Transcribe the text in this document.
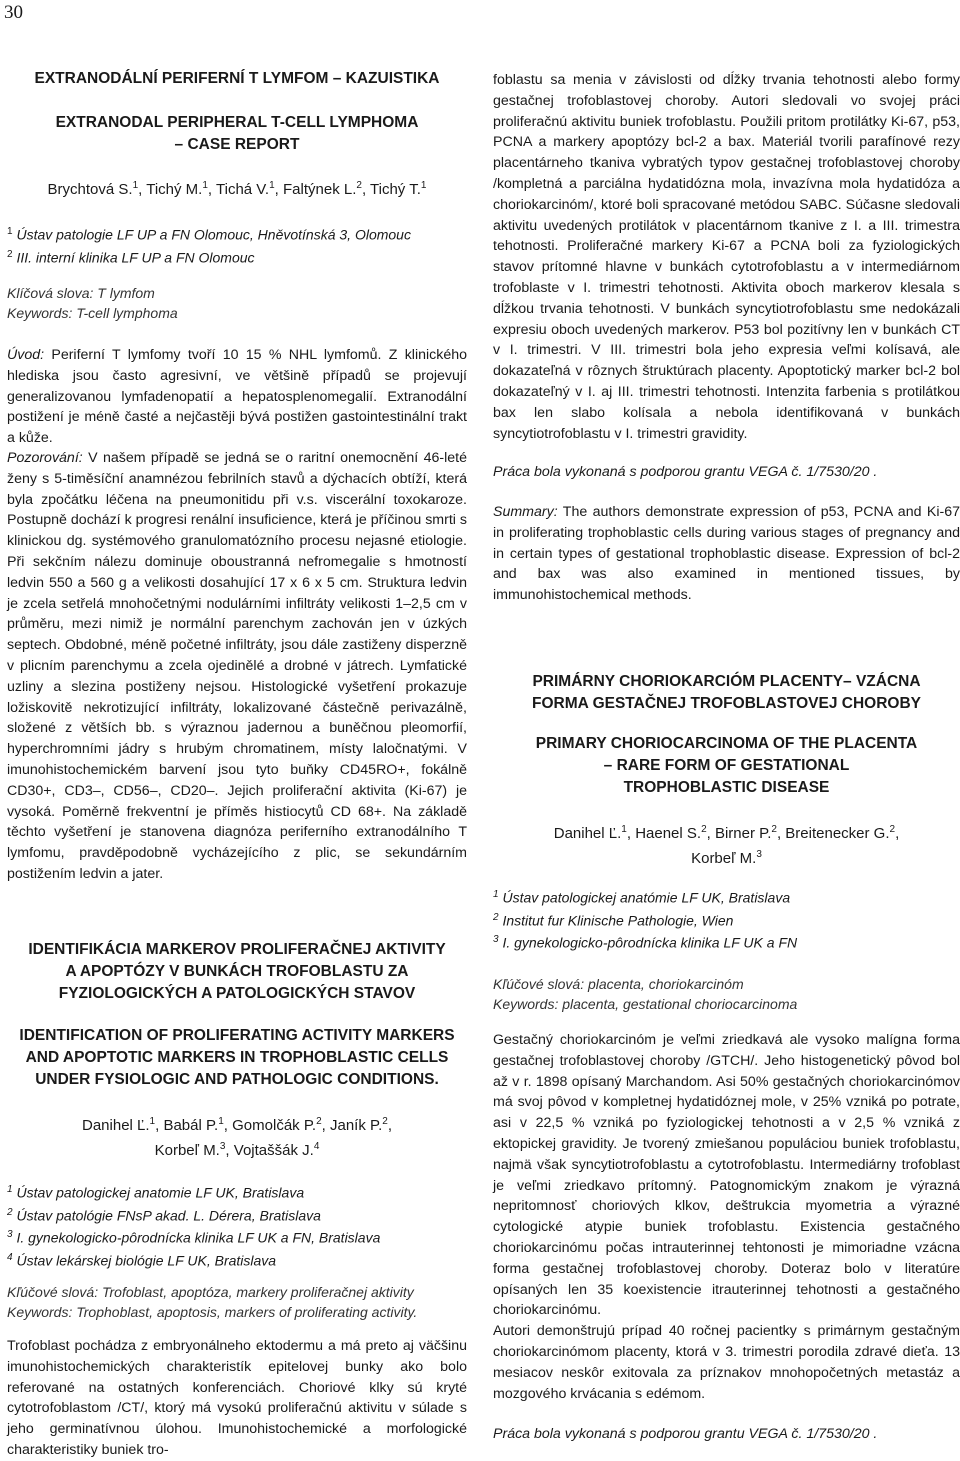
30

EXTRANODÁLNÍ PERIFERNÍ T LYMFOM – KAZUISTIKA

EXTRANODAL PERIPHERAL T-CELL LYMPHOMA

– CASE REPORT

Brychtová S.$^1$, Tichý M.$^1$, Tichá V.$^1$, Faltýnek L.$^2$, Tichý T.$^1$

$^1$ Ústav patologie LF UP a FN Olomouc, Hněvotínská 3, Olomouc

$^2$ III. interní klinika LF UP a FN Olomouc

Klíčová slova: T lymfom

Keywords: T-cell lymphoma

Úvod: Periferní T lymfomy tvoří 10 15 % NHL lymfomů. Z klinického hlediska jsou často agresivní, ve většině případů se projevují generalizovanou lymfadenopatií a hepatosplenomegalií. Extranodální postižení je méně časté a nejčastěji bývá postižen gastointestinální trakt a kůže.

Pozorování: V našem případě se jedná se o raritní onemocnění 46-leté ženy s 5-timěsíční anamnézou febrilních stavů a dýchacích obtíží, která byla zpočátku léčena na pneumonitidu při v.s. viscerální toxokaroze. Postupně dochází k progresi renální insuficience, která je příčinou smrti s klinickou dg. systémového granulomatózního procesu nejasné etiologie. Při sekčním nálezu dominuje oboustranná nefromegalie s hmotností ledvin 550 a 560 g a velikosti dosahující 17 x 6 x 5 cm. Struktura ledvin je zcela setřelá mnohočetnými nodulárními infiltráty velikosti 1–2,5 cm v průměru, mezi nimiž je normální parenchym zachován jen v úzkých septech. Obdobné, méně početné infiltráty, jsou dále zastiženy disperzně v plicním parenchymu a zcela ojedinělé a drobné v játrech. Lymfatické uzliny a slezina postiženy nejsou. Histologické vyšetření prokazuje ložiskovitě nekrotizující infiltráty, lokalizované částečně perivazálně, složené z větších bb. s výraznou jadernou a buněčnou pleomorfií, hyperchromními jádry s hrubým chromatinem, místy laločnatými. V imunohistochemickém barvení jsou tyto buňky CD45RO+, fokálně CD30+, CD3–, CD56–, CD20–. Jejich proliferační aktivita (Ki-67) je vysoká. Poměrně frekventní je příměs histiocytů CD 68+. Na základě těchto vyšetření je stanovena diagnóza periferního extranodálního T lymfomu, pravděpodobně vycházejícího z plic, se sekundárním postižením ledvin a jater.

IDENTIFIKÁCIA MARKEROV PROLIFERAČNEJ AKTIVITY

A APOPTÓZY V BUNKÁCH TROFOBLASTU ZA

FYZIOLOGICKÝCH A PATOLOGICKÝCH STAVOV

IDENTIFICATION OF PROLIFERATING ACTIVITY MARKERS

AND APOPTOTIC MARKERS IN TROPHOBLASTIC CELLS

UNDER FYSIOLOGIC AND PATHOLOGIC CONDITIONS.

Danihel Ľ.$^1$, Babál P.$^1$, Gomolčák P.$^2$, Janík P.$^2$,

Korbeľ M.$^3$, Vojtaššák J.$^4$

$^1$ Ústav patologickej anatomie LF UK, Bratislava

$^2$ Ústav patológie FNsP akad. L. Dérera, Bratislava

$^3$ I. gynekologicko-pôrodnícka klinika LF UK a FN, Bratislava

$^4$ Ústav lekárskej biológie LF UK, Bratislava

Kľúčové slová: Trofoblast, apoptóza, markery proliferačnej aktivity

Keywords: Trophoblast, apoptosis, markers of proliferating activity.

Trofoblast pochádza z embryonálneho ektodermu a má preto aj väčšinu imunohistochemických charakteristík epitelovej bunky ako bolo referované na ostatných konferenciách. Choriové klky sú kryté cytotrofoblastom /CT/, ktorý má vysokú proliferačnú aktivitu v súlade s jeho germinatívnou úlohou. Imunohistochemické a morfologické charakteristiky buniek tro-

foblastu sa menia v závislosti od dĺžky trvania tehotnosti alebo formy gestačnej trofoblastovej choroby. Autori sledovali vo svojej práci proliferačnú aktivitu buniek trofoblastu. Použili pritom protilátky Ki-67, p53, PCNA a markery apoptózy bcl-2 a bax. Materiál tvorili parafínové rezy placentárneho tkaniva vybratých typov gestačnej trofoblastovej choroby /kompletná a parciálna hydatidózna mola, invazívna mola hydatidóza a choriokarcinóm/, ktoré boli spracované metódou SABC. Súčasne sledovali aktivitu uvedených protilátok v placentárnom tkanive z I. a III. trimestra tehotnosti. Proliferačné markery Ki-67 a PCNA boli za fyziologických stavov prítomné hlavne v bunkách cytotrofoblastu a v intermediárnom trofoblaste v I. trimestri tehotnosti. Aktivita oboch markerov klesala s dĺžkou trvania tehotnosti. V bunkách syncytiotrofoblastu sme nedokázali expresiu oboch uvedených markerov. P53 bol pozitívny len v bunkách CT v I. trimestri. V III. trimestri bola jeho expresia veľmi kolísavá, ale dokazateľná v rôznych štruktúrach placenty. Apoptotický marker bcl-2 bol dokazateľný v I. aj III. trimestri tehotnosti. Intenzita farbenia s protilátkou bax len slabo kolísala a nebola identifikovaná v bunkách syncytiotrofoblastu v I. trimestri gravidity.

Práca bola vykonaná s podporou grantu VEGA č. 1/7530/20 .

Summary: The authors demonstrate expression of p53, PCNA and Ki-67 in proliferating trophoblastic cells during various stages of pregnancy and in certain types of gestational trophoblastic disease. Expression of bcl-2 and bax was also examined in mentioned tissues, by immunohistochemical methods.

PRIMÁRNY CHORIOKARCIÓM PLACENTY– VZÁCNA

FORMA GESTAČNEJ TROFOBLASTOVEJ CHOROBY

PRIMARY CHORIOCARCINOMA OF THE PLACENTA

– RARE FORM OF GESTATIONAL

TROPHOBLASTIC DISEASE

Danihel Ľ.$^1$, Haenel S.$^2$, Birner P.$^2$, Breitenecker G.$^2$,

Korbeľ M.$^3$

$^1$ Ústav patologickej anatómie LF UK, Bratislava

$^2$ Institut fur Klinische Pathologie, Wien

$^3$ I. gynekologicko-pôrodnícka klinika LF UK a FN

Kľúčové slová: placenta, choriokarcinóm

Keywords: placenta, gestational choriocarcinoma

Gestačný choriokarcinóm je veľmi zriedkavá ale vysoko malígna forma gestačnej trofoblastovej choroby /GTCH/. Jeho histogenetický pôvod bol až v r. 1898 opísaný Marchandom. Asi 50% gestačných choriokarcinómov má svoj pôvod v kompletnej hydatidóznej mole, v 25% vzniká po potrate, asi v 22,5 % vzniká po fyziologickej tehotnosti a v 2,5 % vzniká z ektopickej gravidity. Je tvorený zmiešanou populáciou buniek trofoblastu, najmä však syncytiotrofoblastu a cytotrofoblastu. Intermediárny trofoblast je veľmi zriedkavo prítomný. Patognomickým znakom je výrazná nepritomnosť choriových klkov, deštrukcia myometria a výrazné cytologické atypie buniek trofoblastu. Existencia gestačného choriokarcinómu počas intrauterinnej tehtonosti je mimoriadne vzácna forma gestačnej trofoblastovej choroby. Doteraz bolo v literatúre opísaných len 35 koexistencie itrauterinnej tehotnosti a gestačného choriokarcinómu.

Autori demonštrujú prípad 40 ročnej pacientky s primárnym gestačným choriokarcinómom placenty, ktorá v 3. trimestri porodila zdravé dieťa. 13 mesiacov neskôr exitovala za príznakov mnohopočetných metastáz a mozgového krvácania s edémom.

Práca bola vykonaná s podporou grantu VEGA č. 1/7530/20 .
